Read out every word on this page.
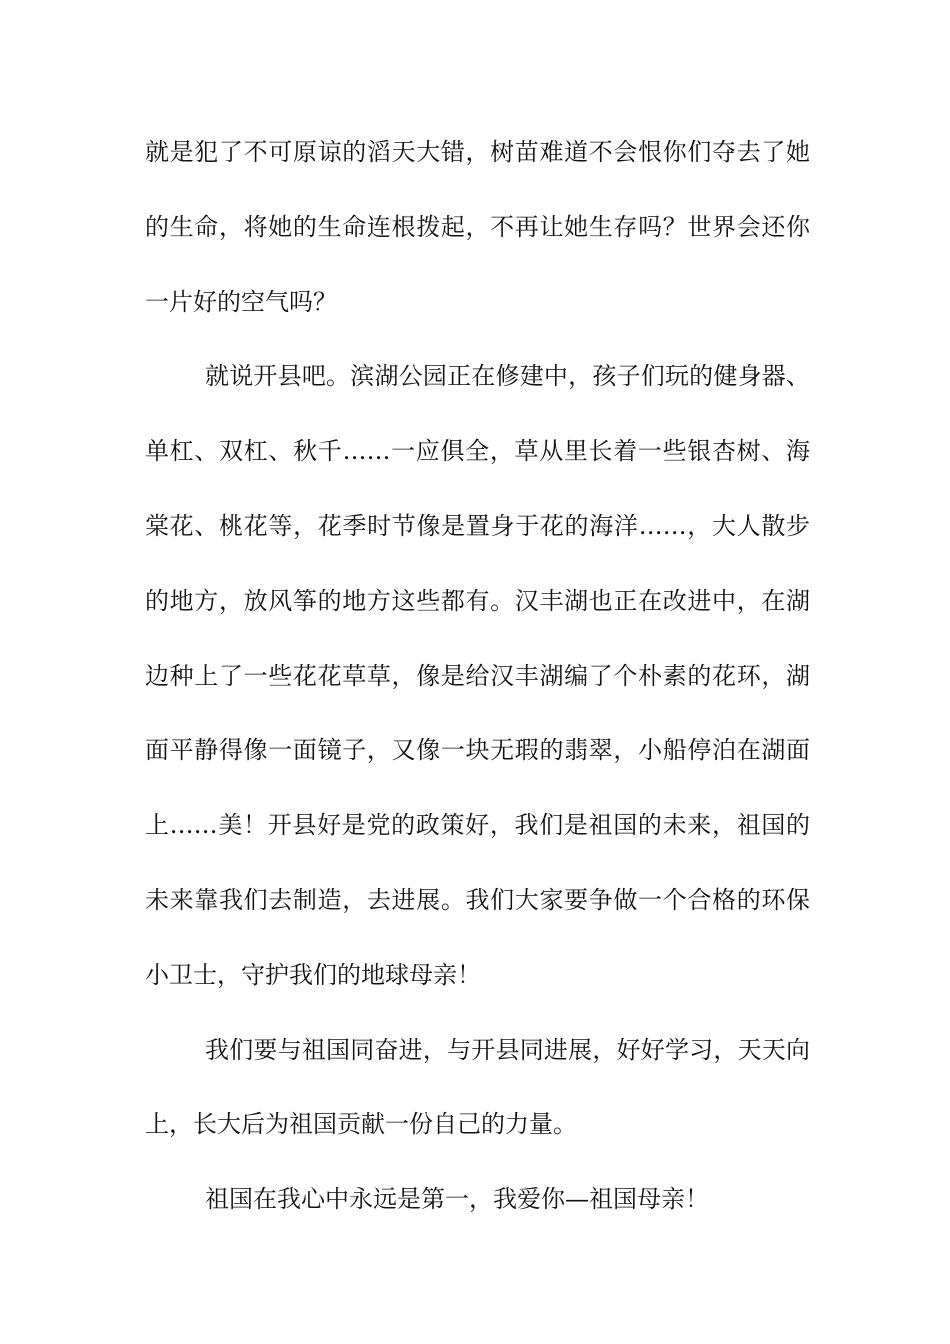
就是犯了不可原谅的滔天大错，树苗难道不会恨你们夺去了她
的生命，将她的生命连根拨起，不再让她生存吗？世界会还你
一片好的空气吗？
就说开县吧。滨湖公园正在修建中，孩子们玩的健身器、
单杠、双杠、秋千……一应俱全，草从里长着一些银杏树、海
棠花、桃花等，花季时节像是置身于花的海洋……，大人散步
的地方，放风筝的地方这些都有。汉丰湖也正在改进中，在湖
边种上了一些花花草草，像是给汉丰湖编了个朴素的花环，湖
面平静得像一面镜子，又像一块无瑕的翡翠，小船停泊在湖面
上……美！开县好是党的政策好，我们是祖国的未来，祖国的
未来靠我们去制造，去进展。我们大家要争做一个合格的环保
小卫士，守护我们的地球母亲！
我们要与祖国同奋进，与开县同进展，好好学习，天天向
上，长大后为祖国贡献一份自己的力量。
祖国在我心中永远是第一，我爱你—祖国母亲！
